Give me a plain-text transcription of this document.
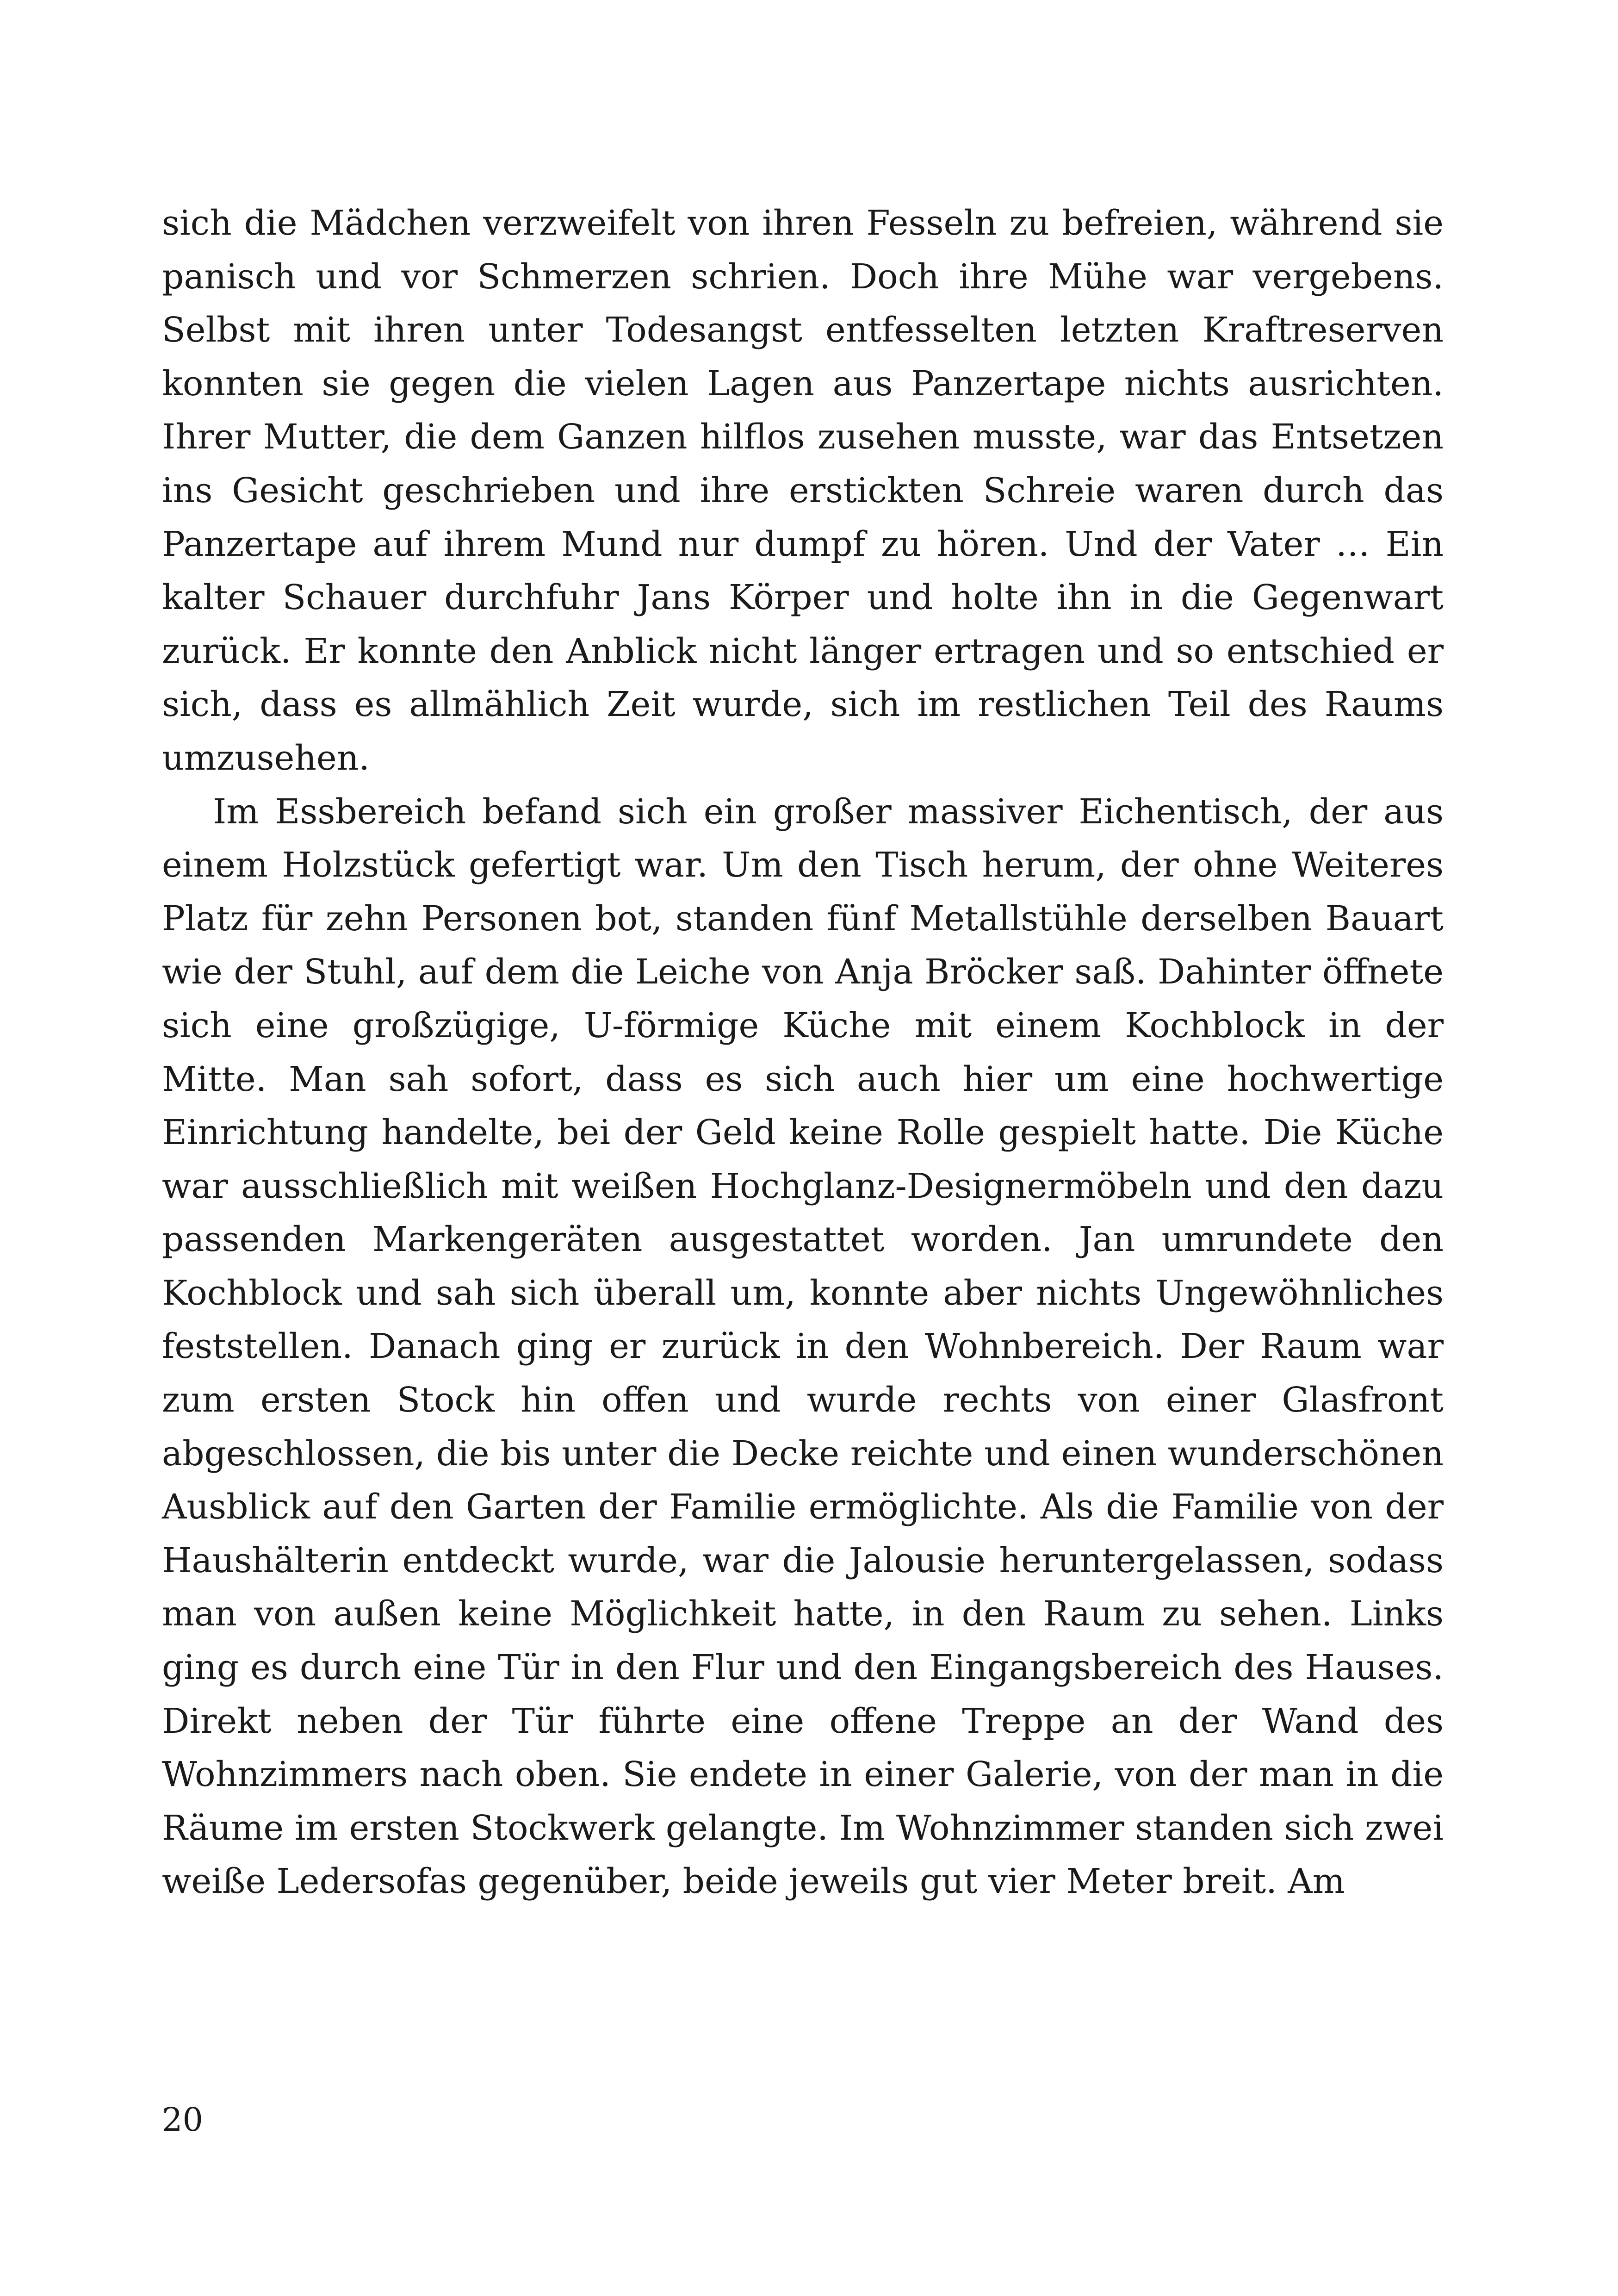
sich die Mädchen verzweifelt von ihren Fesseln zu befreien, während sie panisch und vor Schmerzen schrien. Doch ihre Mühe war vergebens. Selbst mit ihren unter Todesangst entfesselten letzten Kraftreserven konnten sie gegen die vielen Lagen aus Panzertape nichts ausrichten. Ihrer Mutter, die dem Ganzen hilflos zusehen musste, war das Entsetzen ins Gesicht geschrieben und ihre erstickten Schreie waren durch das Panzertape auf ihrem Mund nur dumpf zu hören. Und der Vater … Ein kalter Schauer durchfuhr Jans Körper und holte ihn in die Gegenwart zurück. Er konnte den Anblick nicht länger ertragen und so entschied er sich, dass es allmählich Zeit wurde, sich im restlichen Teil des Raums umzusehen.

Im Essbereich befand sich ein großer massiver Eichentisch, der aus einem Holzstück gefertigt war. Um den Tisch herum, der ohne Weiteres Platz für zehn Personen bot, standen fünf Metallstühle derselben Bauart wie der Stuhl, auf dem die Leiche von Anja Bröcker saß. Dahinter öffnete sich eine großzügige, U-förmige Küche mit einem Kochblock in der Mitte. Man sah sofort, dass es sich auch hier um eine hochwertige Einrichtung handelte, bei der Geld keine Rolle gespielt hatte. Die Küche war ausschließlich mit weißen Hochglanz-Designermöbeln und den dazu passenden Markengeräten ausgestattet worden. Jan umrundete den Kochblock und sah sich überall um, konnte aber nichts Ungewöhnliches feststellen. Danach ging er zurück in den Wohnbereich. Der Raum war zum ersten Stock hin offen und wurde rechts von einer Glasfront abgeschlossen, die bis unter die Decke reichte und einen wunderschönen Ausblick auf den Garten der Familie ermöglichte. Als die Familie von der Haushälterin entdeckt wurde, war die Jalousie heruntergelassen, sodass man von außen keine Möglichkeit hatte, in den Raum zu sehen. Links ging es durch eine Tür in den Flur und den Eingangsbereich des Hauses. Direkt neben der Tür führte eine offene Treppe an der Wand des Wohnzimmers nach oben. Sie endete in einer Galerie, von der man in die Räume im ersten Stockwerk gelangte. Im Wohnzimmer standen sich zwei weiße Ledersofas gegenüber, beide jeweils gut vier Meter breit. Am

20
